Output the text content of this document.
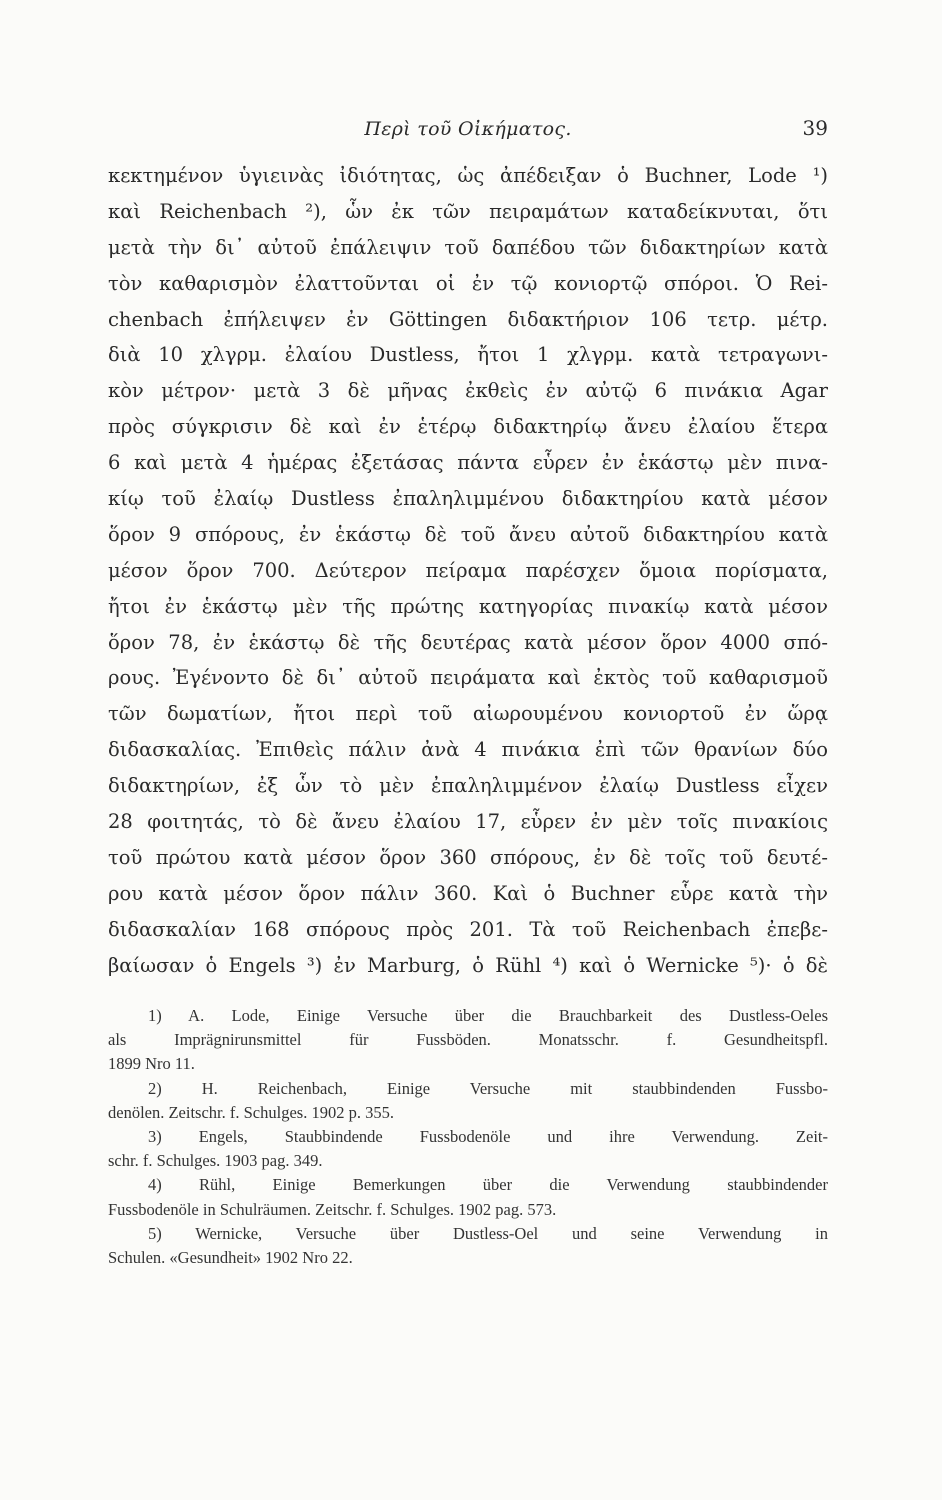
Περὶ τοῦ Οἰκήματος.	39
κεκτημένον ὑγιεινὰς ἰδιότητας, ὡς ἀπέδειξαν ὁ Buchner, Lode ¹)
καὶ Reichenbach ²), ὧν ἐκ τῶν πειραμάτων καταδείκνυται, ὅτι
μετὰ τὴν δι᾽ αὐτοῦ ἐπάλειψιν τοῦ δαπέδου τῶν διδακτηρίων κατὰ
τὸν καθαρισμὸν ἐλαττοῦνται οἱ ἐν τῷ κονιορτῷ σπόροι. Ὁ Rei-
chenbach ἐπήλειψεν ἐν Göttingen διδακτήριον 106 τετρ. μέτρ.
διὰ 10 χλγρμ. ἐλαίου Dustless, ἤτοι 1 χλγρμ. κατὰ τετραγωνι-
κὸν μέτρον· μετὰ 3 δὲ μῆνας ἐκθεὶς ἐν αὐτῷ 6 πινάκια Agar
πρὸς σύγκρισιν δὲ καὶ ἐν ἑτέρῳ διδακτηρίῳ ἄνευ ἐλαίου ἕτερα
6 καὶ μετὰ 4 ἡμέρας ἐξετάσας πάντα εὗρεν ἐν ἑκάστῳ μὲν πινα-
κίῳ τοῦ ἐλαίῳ Dustless ἐπαληλιμμένου διδακτηρίου κατὰ μέσον
ὅρον 9 σπόρους, ἐν ἑκάστῳ δὲ τοῦ ἄνευ αὐτοῦ διδακτηρίου κατὰ
μέσον ὅρον 700. Δεύτερον πείραμα παρέσχεν ὅμοια πορίσματα,
ἤτοι ἐν ἑκάστῳ μὲν τῆς πρώτης κατηγορίας πινακίῳ κατὰ μέσον
ὅρον 78, ἐν ἑκάστῳ δὲ τῆς δευτέρας κατὰ μέσον ὅρον 4000 σπό-
ρους. Ἐγένοντο δὲ δι᾽ αὐτοῦ πειράματα καὶ ἐκτὸς τοῦ καθαρισμοῦ
τῶν δωματίων, ἤτοι περὶ τοῦ αἰωρουμένου κονιορτοῦ ἐν ὥρᾳ
διδασκαλίας. Ἐπιθεὶς πάλιν ἀνὰ 4 πινάκια ἐπὶ τῶν θρανίων δύο
διδακτηρίων, ἐξ ὧν τὸ μὲν ἐπαληλιμμένον ἐλαίῳ Dustless εἶχεν
28 φοιτητάς, τὸ δὲ ἄνευ ἐλαίου 17, εὗρεν ἐν μὲν τοῖς πινακίοις
τοῦ πρώτου κατὰ μέσον ὅρον 360 σπόρους, ἐν δὲ τοῖς τοῦ δευτέ-
ρου κατὰ μέσον ὅρον πάλιν 360. Καὶ ὁ Buchner εὗρε κατὰ τὴν
διδασκαλίαν 168 σπόρους πρὸς 201. Τὰ τοῦ Reichenbach ἐπεβε-
βαίωσαν ὁ Engels ³) ἐν Marburg, ὁ Rühl ⁴) καὶ ὁ Wernicke ⁵)· ὁ δὲ
1) A. Lode, Einige Versuche über die Brauchbarkeit des Dustless-Oeles
als Imprägnirunsmittel für Fussböden. Monatsschr. f. Gesundheitspfl.
1899 Nro 11.
2) H. Reichenbach, Einige Versuche mit staubbindenden Fussbo-
denölen. Zeitschr. f. Schulges. 1902 p. 355.
3) Engels, Staubbindende Fussbodenöle und ihre Verwendung. Zeit-
schr. f. Schulges. 1903 pag. 349.
4) Rühl, Einige Bemerkungen über die Verwendung staubbindender
Fussbodenöle in Schulräumen. Zeitschr. f. Schulges. 1902 pag. 573.
5) Wernicke, Versuche über Dustless-Oel und seine Verwendung in
Schulen. «Gesundheit» 1902 Nro 22.
